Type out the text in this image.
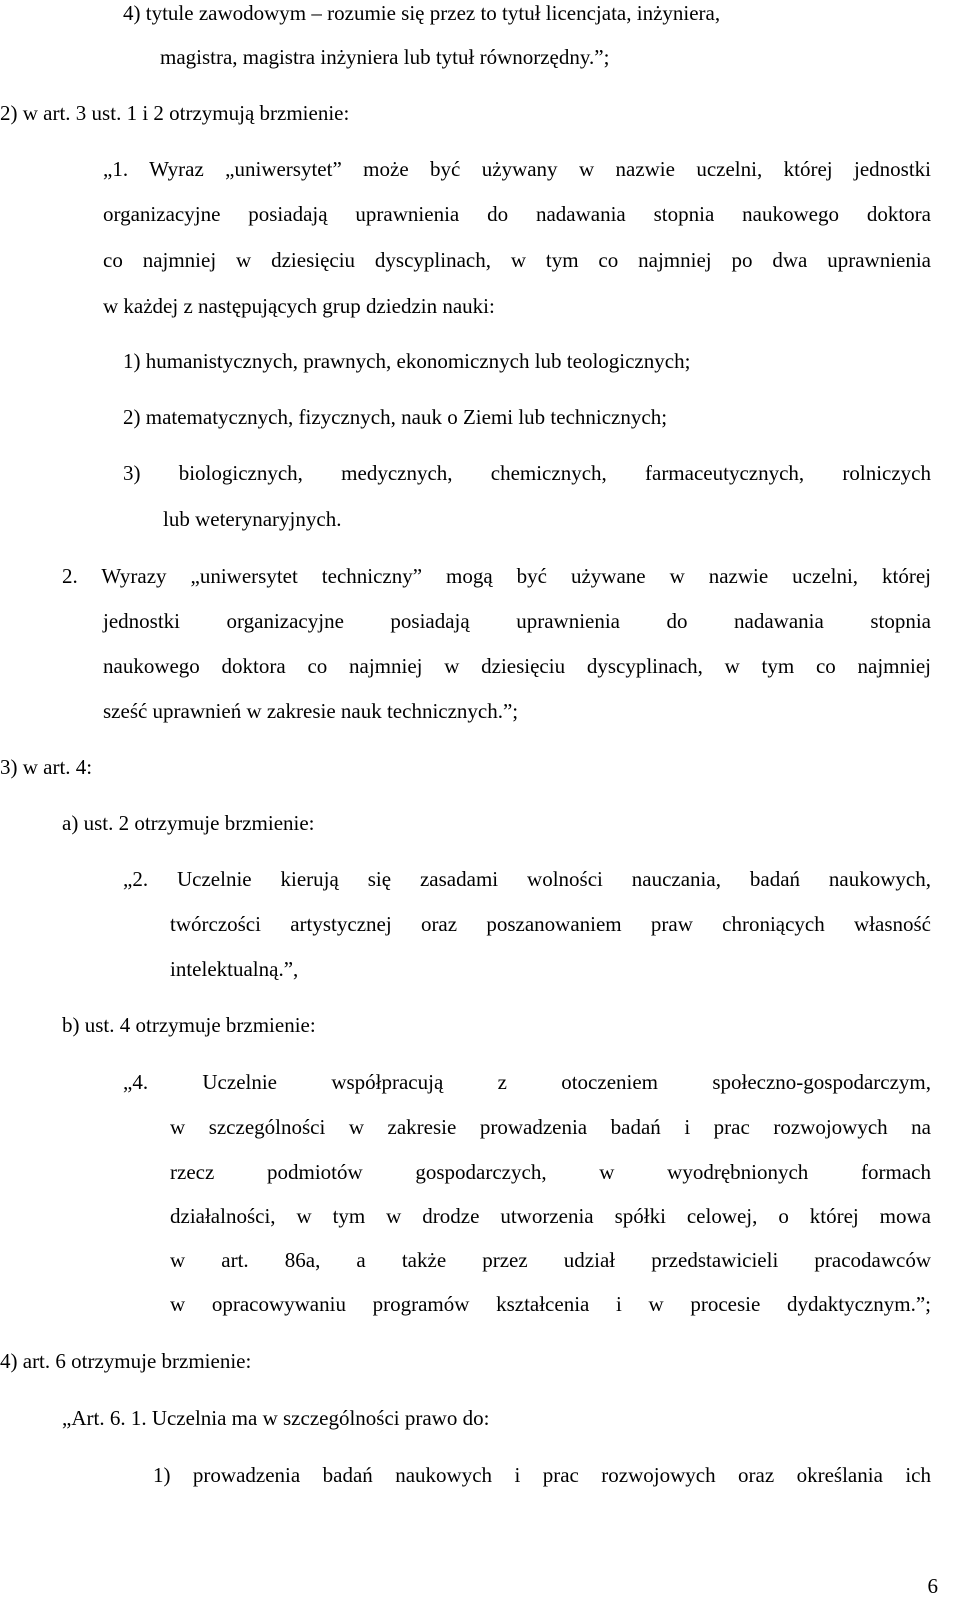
4) tytule zawodowym – rozumie się przez to tytuł licencjata, inżyniera,
magistra, magistra inżyniera lub tytuł równorzędny.”;
2) w art. 3 ust. 1 i 2 otrzymują brzmienie:
„1. Wyraz „uniwersytet” może być używany w nazwie uczelni, której jednostki
organizacyjne posiadają uprawnienia do nadawania stopnia naukowego doktora
co najmniej w dziesięciu dyscyplinach, w tym co najmniej po dwa uprawnienia
w każdej z następujących grup dziedzin nauki:
1) humanistycznych, prawnych, ekonomicznych lub teologicznych;
2) matematycznych, fizycznych, nauk o Ziemi lub technicznych;
3) biologicznych, medycznych, chemicznych, farmaceutycznych, rolniczych
lub weterynaryjnych.
2. Wyrazy „uniwersytet techniczny” mogą być używane w nazwie uczelni, której
jednostki organizacyjne posiadają uprawnienia do nadawania stopnia
naukowego doktora co najmniej w dziesięciu dyscyplinach, w tym co najmniej
sześć uprawnień w zakresie nauk technicznych.”;
3) w art. 4:
a) ust. 2 otrzymuje brzmienie:
„2. Uczelnie kierują się zasadami wolności nauczania, badań naukowych,
twórczości artystycznej oraz poszanowaniem praw chroniących własność
intelektualną.”,
b) ust. 4 otrzymuje brzmienie:
„4. Uczelnie współpracują z otoczeniem społeczno-gospodarczym,
w szczególności w zakresie prowadzenia badań i prac rozwojowych na
rzecz podmiotów gospodarczych, w wyodrębnionych formach
działalności, w tym w drodze utworzenia spółki celowej, o której mowa
w art. 86a, a także przez udział przedstawicieli pracodawców
w opracowywaniu programów kształcenia i w procesie dydaktycznym.”;
4) art. 6 otrzymuje brzmienie:
„Art. 6. 1. Uczelnia ma w szczególności prawo do:
1) prowadzenia badań naukowych i prac rozwojowych oraz określania ich
6
